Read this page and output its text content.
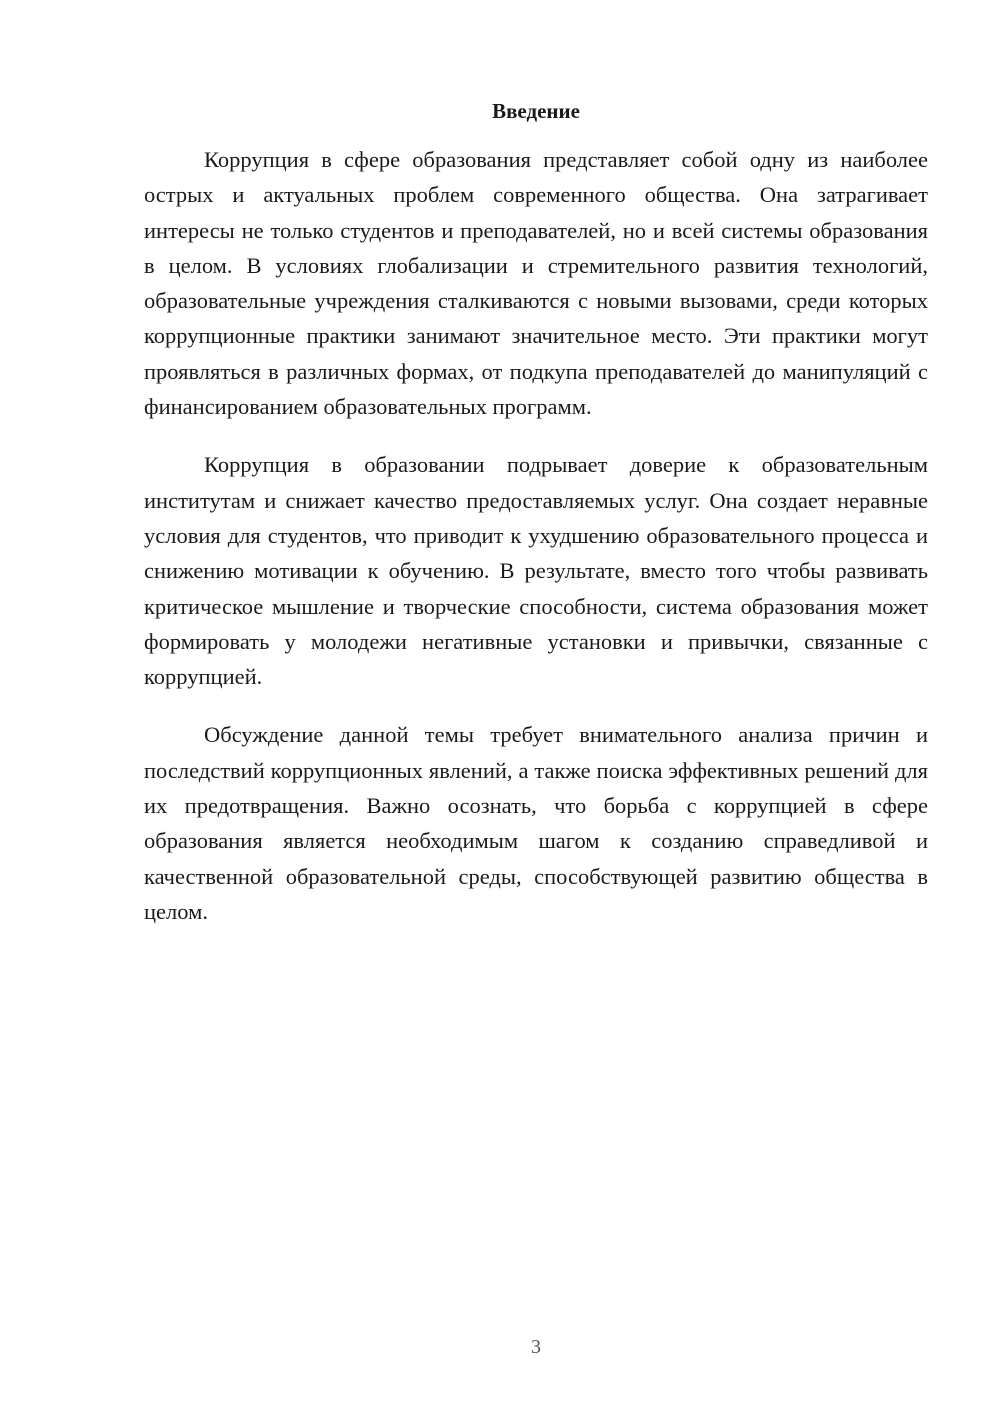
Введение

Коррупция в сфере образования представляет собой одну из наиболее острых и актуальных проблем современного общества. Она затрагивает интересы не только студентов и преподавателей, но и всей системы образования в целом. В условиях глобализации и стремительного развития технологий, образовательные учреждения сталкиваются с новыми вызовами, среди которых коррупционные практики занимают значительное место. Эти практики могут проявляться в различных формах, от подкупа преподавателей до манипуляций с финансированием образовательных программ.

Коррупция в образовании подрывает доверие к образовательным институтам и снижает качество предоставляемых услуг. Она создает неравные условия для студентов, что приводит к ухудшению образовательного процесса и снижению мотивации к обучению. В результате, вместо того чтобы развивать критическое мышление и творческие способности, система образования может формировать у молодежи негативные установки и привычки, связанные с коррупцией.

Обсуждение данной темы требует внимательного анализа причин и последствий коррупционных явлений, а также поиска эффективных решений для их предотвращения. Важно осознать, что борьба с коррупцией в сфере образования является необходимым шагом к созданию справедливой и качественной образовательной среды, способствующей развитию общества в целом.

3
